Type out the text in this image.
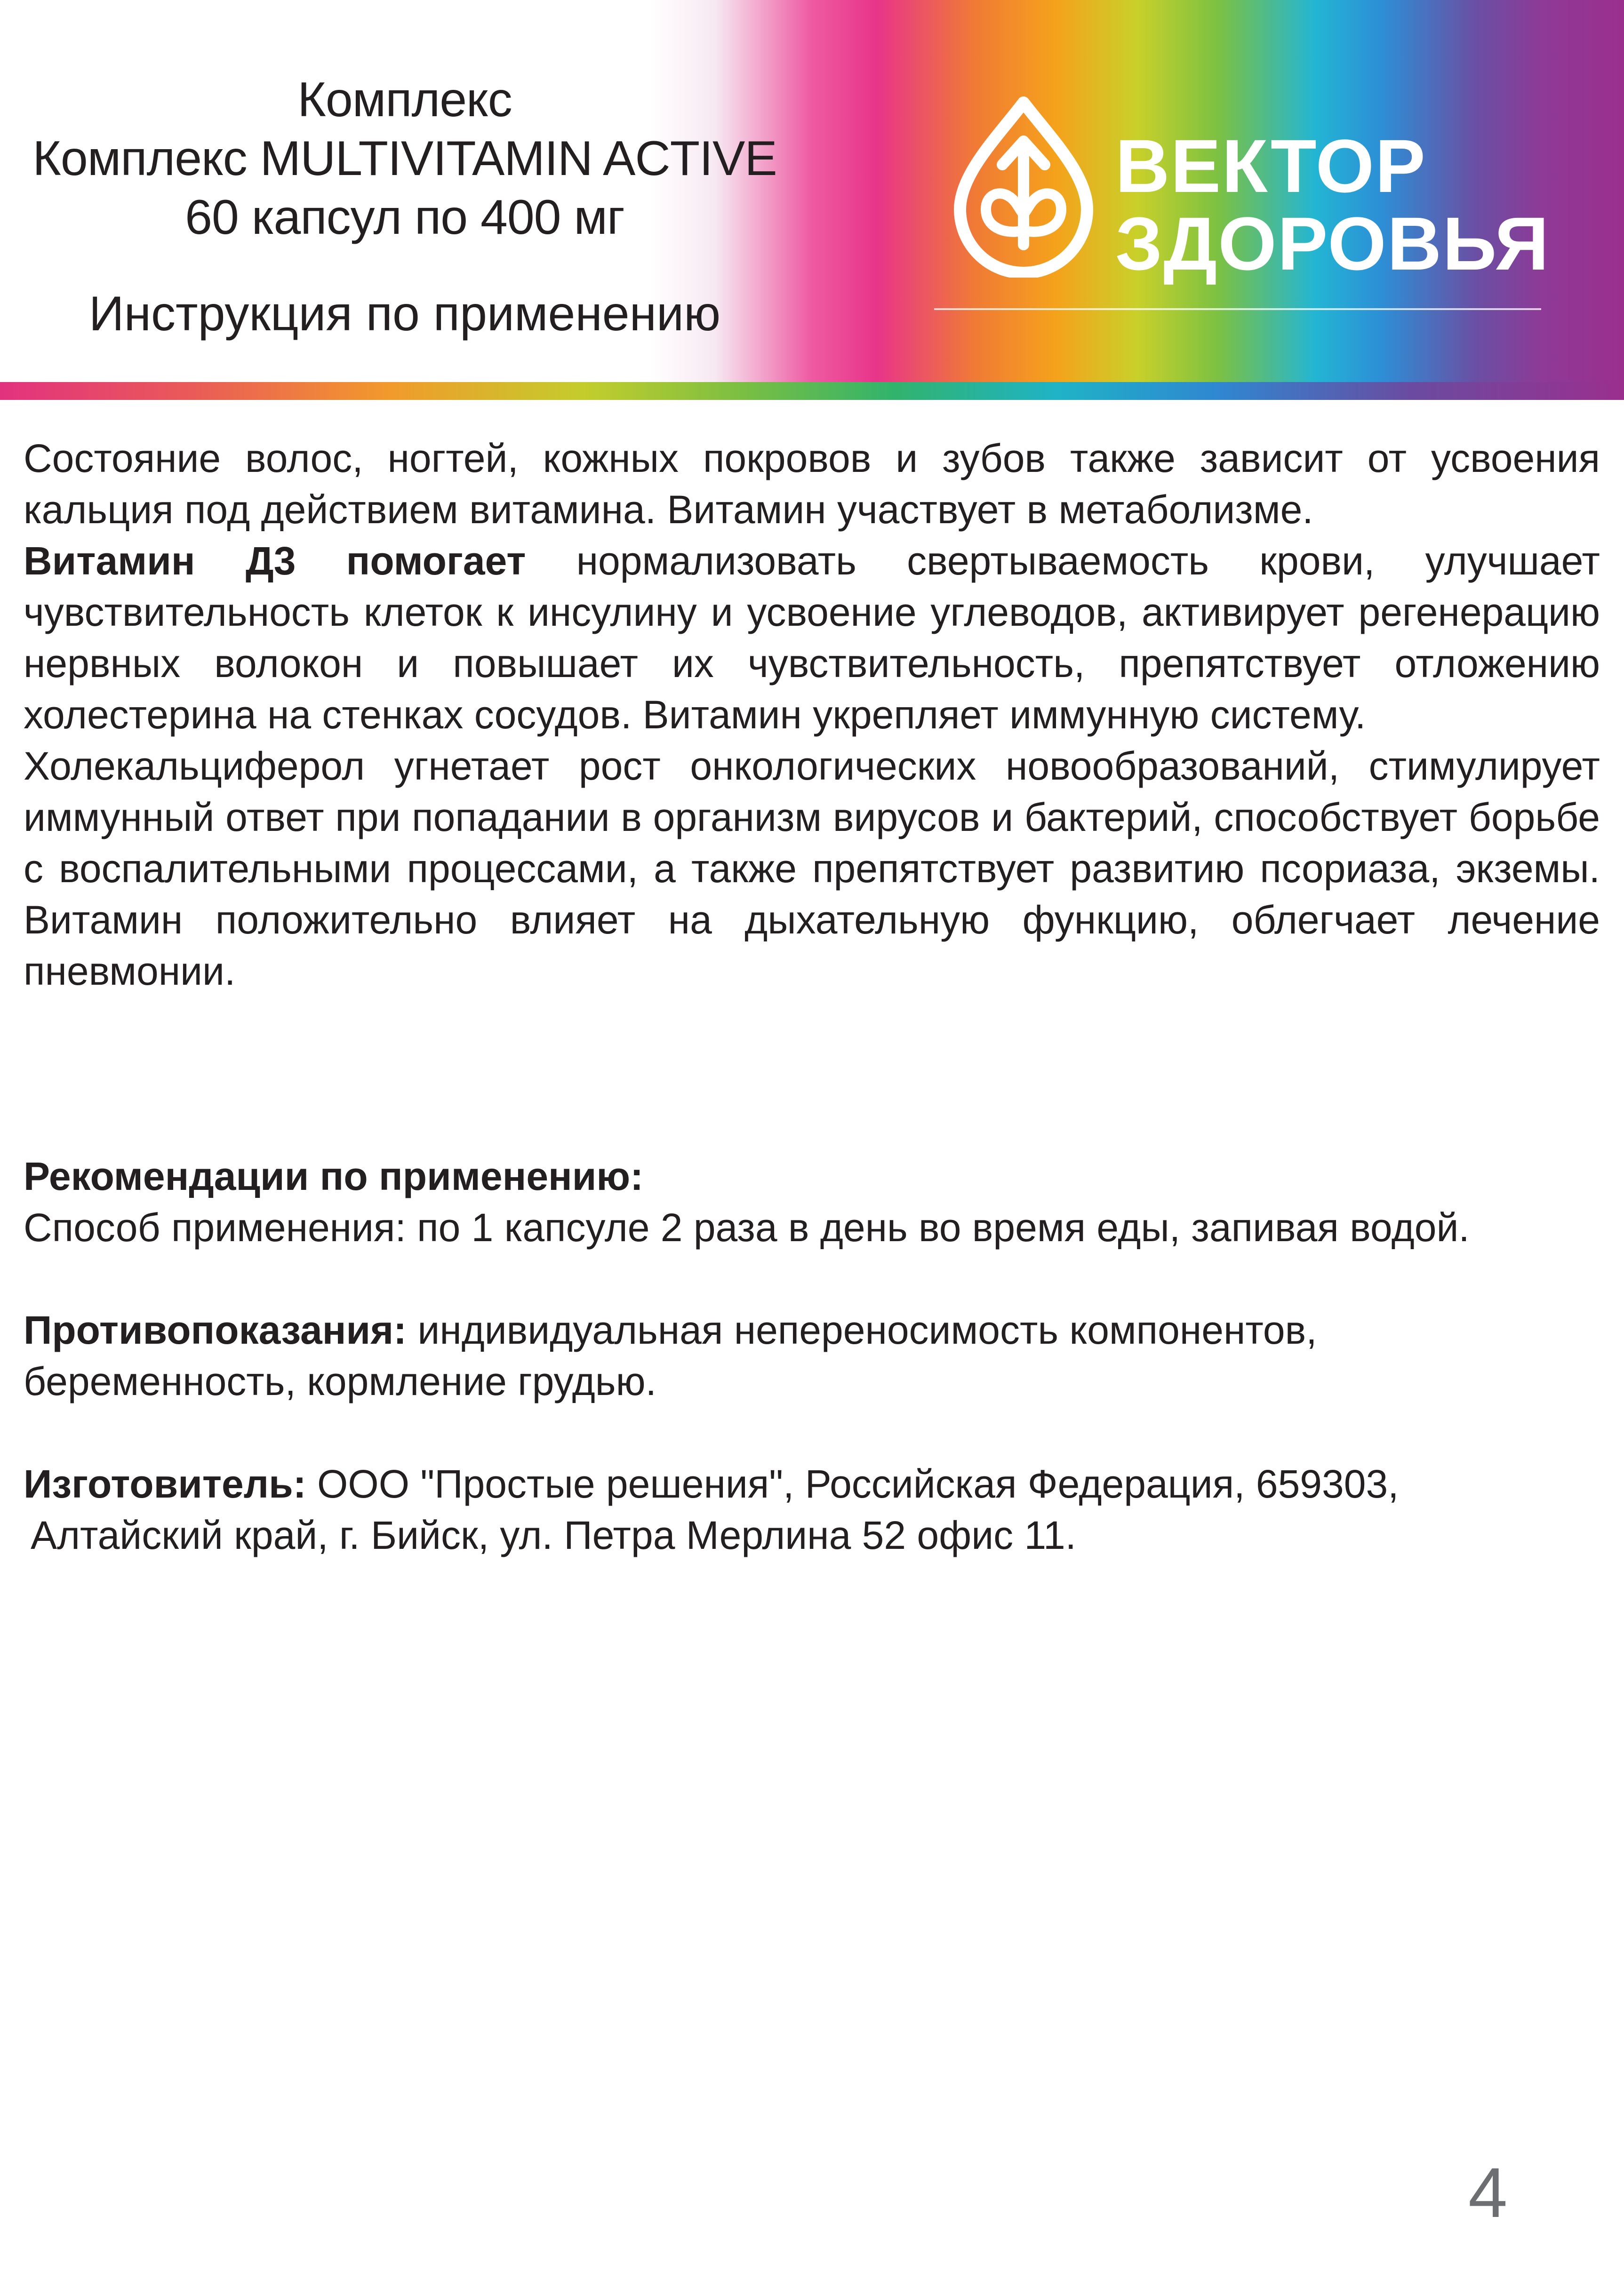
Комплекс
Комплекс MULTIVITAMIN ACTIVE
60 капсул по 400 мг
Инструкция по применению
ВЕКТОР
ЗДОРОВЬЯ

Состояние волос, ногтей, кожных покровов и зубов также зависит от усвоения кальция под действием витамина. Витамин участвует в метаболизме.

Витамин Д3 помогает нормализовать свертываемость крови, улучшает чувствительность клеток к инсулину и усвоение углеводов, активирует регенерацию нервных волокон и повышает их чувствительность, препятствует отложению холестерина на стенках сосудов. Витамин укрепляет иммунную систему.

Холекальциферол угнетает рост онкологических новообразований, стимулирует иммунный ответ при попадании в организм вирусов и бактерий, способствует борьбе с воспалительными процессами, а также препятствует развитию псориаза, экземы. Витамин положительно влияет на дыхательную функцию, облегчает лечение пневмонии.

Рекомендации по применению:

Способ применения: по 1 капсуле 2 раза в день во время еды, запивая водой.

Противопоказания: индивидуальная непереносимость компонентов,

беременность, кормление грудью.

Изготовитель: ООО "Простые решения", Российская Федерация, 659303,

Алтайский край, г. Бийск, ул. Петра Мерлина 52 офис 11.

4
